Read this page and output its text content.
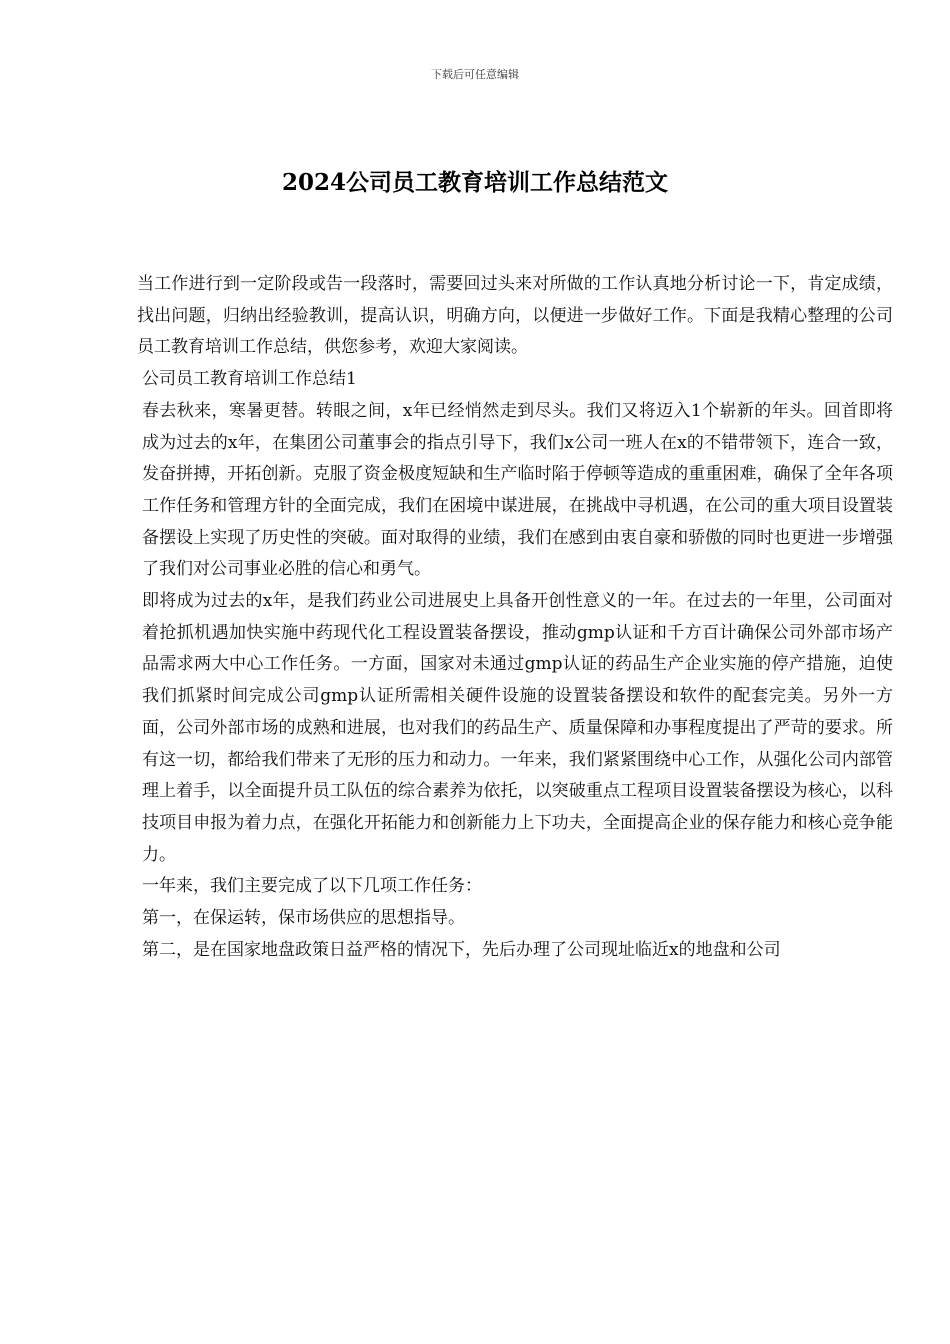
下载后可任意编辑
2024公司员工教育培训工作总结范文

当工作进行到一定阶段或告一段落时，需要回过头来对所做的工作认真地分析讨论一下，肯定成绩，找出问题，归纳出经验教训，提高认识，明确方向，以便进一步做好工作。下面是我精心整理的公司员工教育培训工作总结，供您参考，欢迎大家阅读。

公司员工教育培训工作总结1

春去秋来，寒暑更替。转眼之间，x年已经悄然走到尽头。我们又将迈入1个崭新的年头。回首即将成为过去的x年，在集团公司董事会的指点引导下，我们x公司一班人在x的不错带领下，连合一致，发奋拼搏，开拓创新。克服了资金极度短缺和生产临时陷于停顿等造成的重重困难，确保了全年各项工作任务和管理方针的全面完成，我们在困境中谋进展，在挑战中寻机遇，在公司的重大项目设置装备摆设上实现了历史性的突破。面对取得的业绩，我们在感到由衷自豪和骄傲的同时也更进一步增强了我们对公司事业必胜的信心和勇气。

即将成为过去的x年，是我们药业公司进展史上具备开创性意义的一年。在过去的一年里，公司面对着抢抓机遇加快实施中药现代化工程设置装备摆设，推动gmp认证和千方百计确保公司外部市场产品需求两大中心工作任务。一方面，国家对未通过gmp认证的药品生产企业实施的停产措施，迫使我们抓紧时间完成公司gmp认证所需相关硬件设施的设置装备摆设和软件的配套完美。另外一方面，公司外部市场的成熟和进展，也对我们的药品生产、质量保障和办事程度提出了严苛的要求。所有这一切，都给我们带来了无形的压力和动力。一年来，我们紧紧围绕中心工作，从强化公司内部管理上着手，以全面提升员工队伍的综合素养为依托，以突破重点工程项目设置装备摆设为核心，以科技项目申报为着力点，在强化开拓能力和创新能力上下功夫，全面提高企业的保存能力和核心竞争能力。

一年来，我们主要完成了以下几项工作任务：

第一，在保运转，保市场供应的思想指导。

第二，是在国家地盘政策日益严格的情况下，先后办理了公司现址临近x的地盘和公司
